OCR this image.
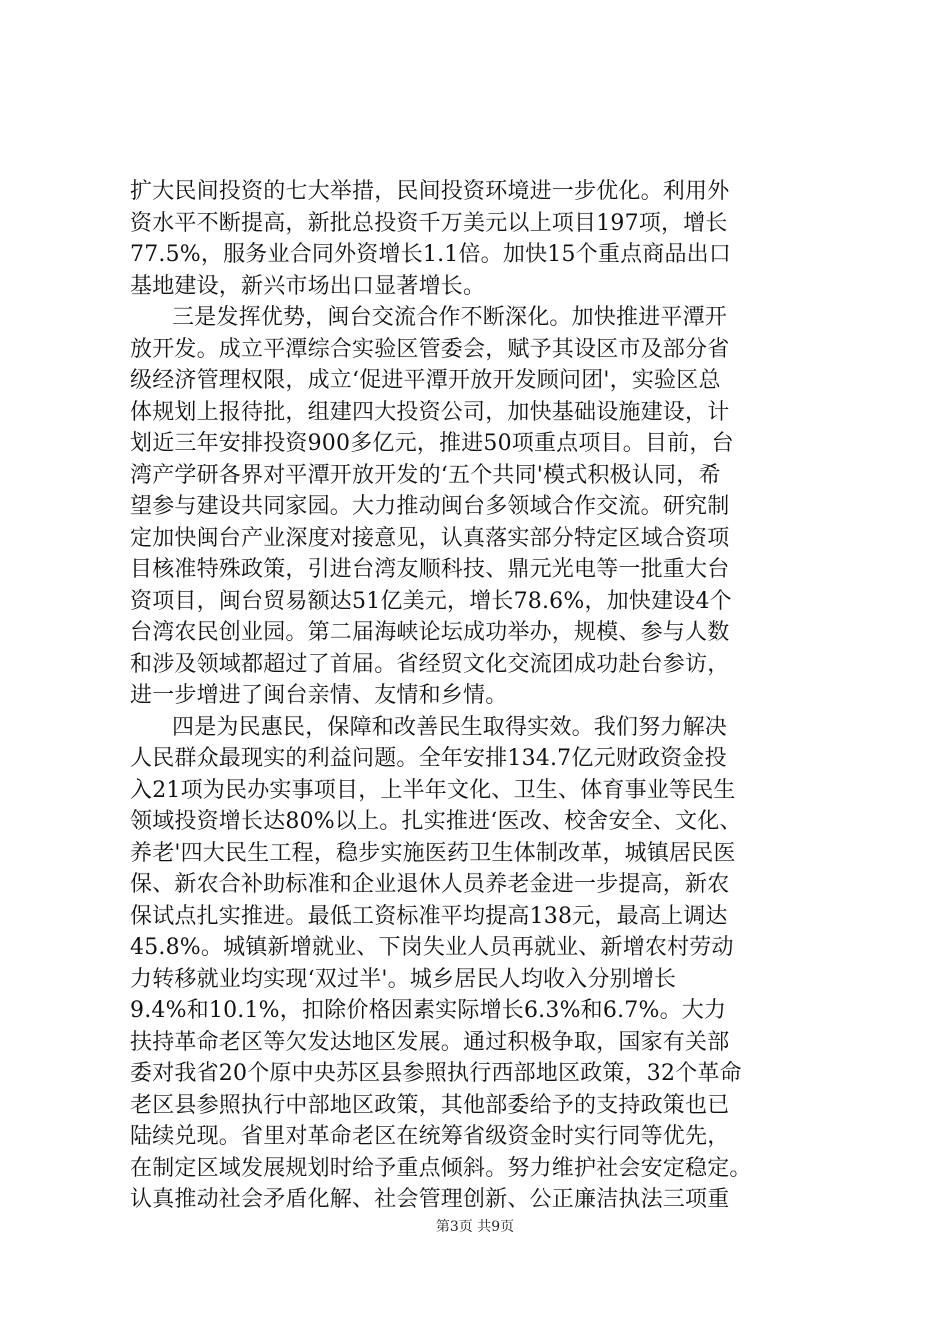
扩大民间投资的七大举措，民间投资环境进一步优化。利用外
资水平不断提高，新批总投资千万美元以上项目197项，增长
77.5%，服务业合同外资增长1.1倍。加快15个重点商品出口
基地建设，新兴市场出口显著增长。
三是发挥优势，闽台交流合作不断深化。加快推进平潭开
放开发。成立平潭综合实验区管委会，赋予其设区市及部分省
级经济管理权限，成立‘促进平潭开放开发顾问团'，实验区总
体规划上报待批，组建四大投资公司，加快基础设施建设，计
划近三年安排投资900多亿元，推进50项重点项目。目前，台
湾产学研各界对平潭开放开发的‘五个共同'模式积极认同，希
望参与建设共同家园。大力推动闽台多领域合作交流。研究制
定加快闽台产业深度对接意见，认真落实部分特定区域合资项
目核准特殊政策，引进台湾友顺科技、鼎元光电等一批重大台
资项目，闽台贸易额达51亿美元，增长78.6%，加快建设4个
台湾农民创业园。第二届海峡论坛成功举办，规模、参与人数
和涉及领域都超过了首届。省经贸文化交流团成功赴台参访，
进一步增进了闽台亲情、友情和乡情。
四是为民惠民，保障和改善民生取得实效。我们努力解决
人民群众最现实的利益问题。全年安排134.7亿元财政资金投
入21项为民办实事项目，上半年文化、卫生、体育事业等民生
领域投资增长达80%以上。扎实推进‘医改、校舍安全、文化、
养老'四大民生工程，稳步实施医药卫生体制改革，城镇居民医
保、新农合补助标准和企业退休人员养老金进一步提高，新农
保试点扎实推进。最低工资标准平均提高138元，最高上调达
45.8%。城镇新增就业、下岗失业人员再就业、新增农村劳动
力转移就业均实现‘双过半'。城乡居民人均收入分别增长
9.4%和10.1%，扣除价格因素实际增长6.3%和6.7%。大力
扶持革命老区等欠发达地区发展。通过积极争取，国家有关部
委对我省20个原中央苏区县参照执行西部地区政策，32个革命
老区县参照执行中部地区政策，其他部委给予的支持政策也已
陆续兑现。省里对革命老区在统筹省级资金时实行同等优先，
在制定区域发展规划时给予重点倾斜。努力维护社会安定稳定。
认真推动社会矛盾化解、社会管理创新、公正廉洁执法三项重
第3页 共9页
